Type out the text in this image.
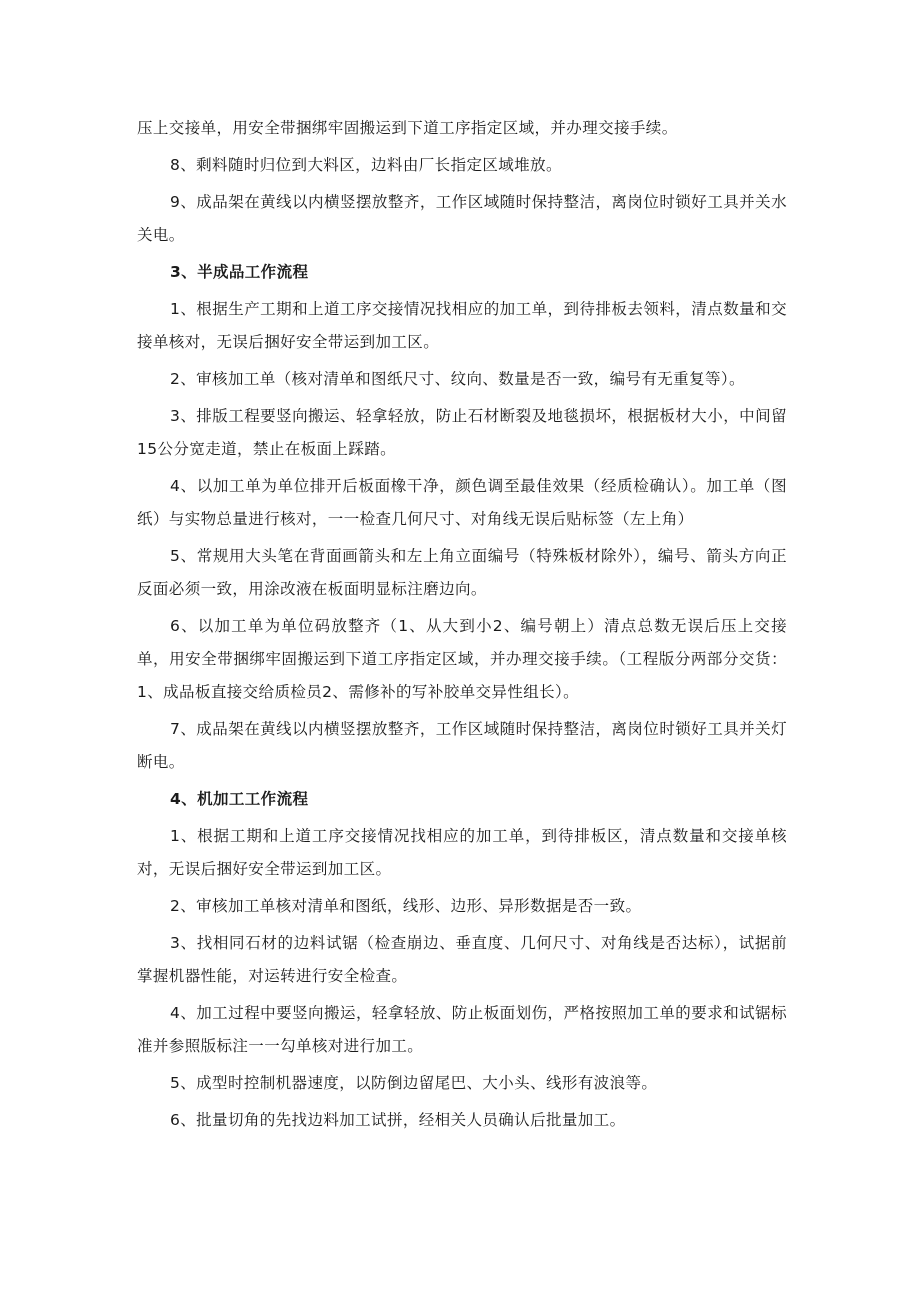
压上交接单，用安全带捆绑牢固搬运到下道工序指定区域，并办理交接手续。

8、剩料随时归位到大料区，边料由厂长指定区域堆放。

9、成品架在黄线以内横竖摆放整齐，工作区域随时保持整洁，离岗位时锁好工具并关水关电。

3、半成品工作流程

1、根据生产工期和上道工序交接情况找相应的加工单，到待排板去领料，清点数量和交接单核对，无误后捆好安全带运到加工区。

2、审核加工单（核对清单和图纸尺寸、纹向、数量是否一致，编号有无重复等）。

3、排版工程要竖向搬运、轻拿轻放，防止石材断裂及地毯损坏，根据板材大小，中间留15公分宽走道，禁止在板面上踩踏。

4、以加工单为单位排开后板面橡干净，颜色调至最佳效果（经质检确认）。加工单（图纸）与实物总量进行核对，一一检查几何尺寸、对角线无误后贴标签（左上角）

5、常规用大头笔在背面画箭头和左上角立面编号（特殊板材除外），编号、箭头方向正反面必须一致，用涂改液在板面明显标注磨边向。

6、以加工单为单位码放整齐（1、从大到小2、编号朝上）清点总数无误后压上交接单，用安全带捆绑牢固搬运到下道工序指定区域，并办理交接手续。（工程版分两部分交货：1、成品板直接交给质检员2、需修补的写补胶单交异性组长）。

7、成品架在黄线以内横竖摆放整齐，工作区域随时保持整洁，离岗位时锁好工具并关灯断电。

4、机加工工作流程

1、根据工期和上道工序交接情况找相应的加工单，到待排板区，清点数量和交接单核对，无误后捆好安全带运到加工区。

2、审核加工单核对清单和图纸，线形、边形、异形数据是否一致。

3、找相同石材的边料试锯（检查崩边、垂直度、几何尺寸、对角线是否达标），试据前掌握机器性能，对运转进行安全检查。

4、加工过程中要竖向搬运，轻拿轻放、防止板面划伤，严格按照加工单的要求和试锯标准并参照版标注一一勾单核对进行加工。

5、成型时控制机器速度，以防倒边留尾巴、大小头、线形有波浪等。

6、批量切角的先找边料加工试拼，经相关人员确认后批量加工。
